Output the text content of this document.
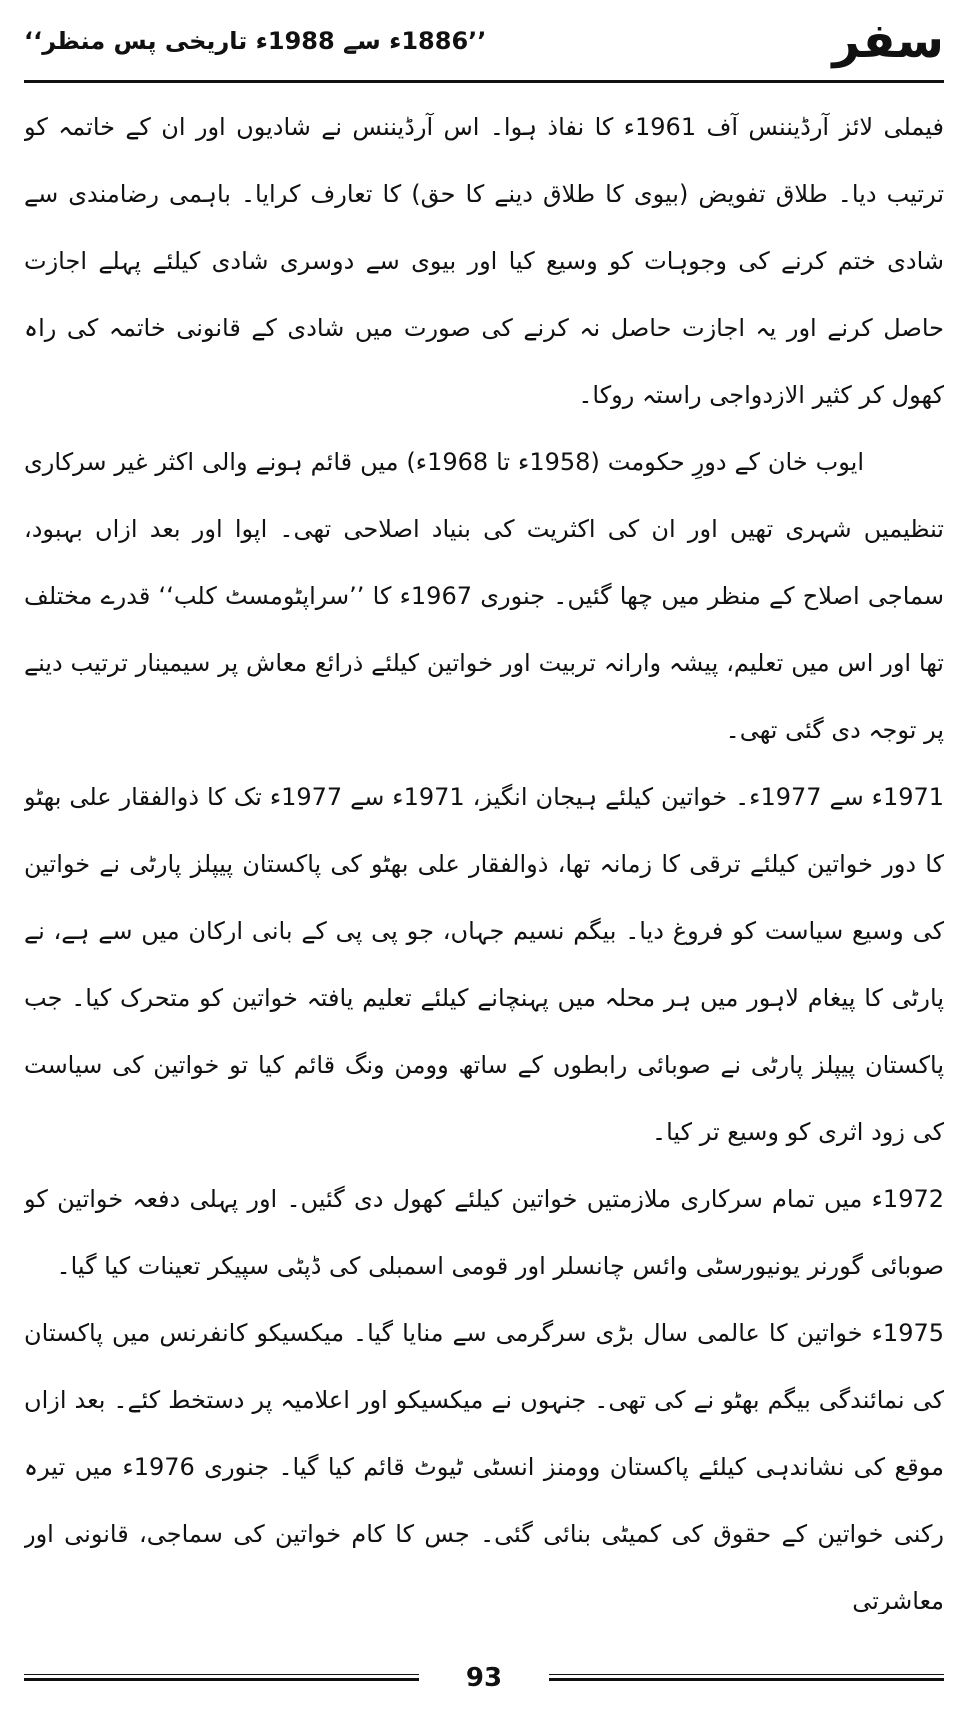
سفر
’’1886ء سے 1988ء تاریخی پس منظر‘‘

فیملی لائز آرڈیننس آف 1961ء کا نفاذ ہوا۔ اس آرڈیننس نے شادیوں اور ان کے خاتمہ کو ترتیب دیا۔ طلاق تفویض (بیوی کا طلاق دینے کا حق) کا تعارف کرایا۔ باہمی رضامندی سے شادی ختم کرنے کی وجوہات کو وسیع کیا اور بیوی سے دوسری شادی کیلئے پہلے اجازت حاصل کرنے اور یہ اجازت حاصل نہ کرنے کی صورت میں شادی کے قانونی خاتمہ کی راہ کھول کر کثیر الازدواجی راستہ روکا۔

ایوب خان کے دورِ حکومت (1958ء تا 1968ء) میں قائم ہونے والی اکثر غیر سرکاری تنظیمیں شہری تھیں اور ان کی اکثریت کی بنیاد اصلاحی تھی۔ اپوا اور بعد ازاں بہبود، سماجی اصلاح کے منظر میں چھا گئیں۔ جنوری 1967ء کا ’’سراپٹومسٹ کلب‘‘ قدرے مختلف تھا اور اس میں تعلیم، پیشہ وارانہ تربیت اور خواتین کیلئے ذرائع معاش پر سیمینار ترتیب دینے پر توجہ دی گئی تھی۔

1971ء سے 1977ء۔ خواتین کیلئے ہیجان انگیز، 1971ء سے 1977ء تک کا ذوالفقار علی بھٹو کا دور خواتین کیلئے ترقی کا زمانہ تھا، ذوالفقار علی بھٹو کی پاکستان پیپلز پارٹی نے خواتین کی وسیع سیاست کو فروغ دیا۔ بیگم نسیم جہاں، جو پی پی کے بانی ارکان میں سے ہے، نے پارٹی کا پیغام لاہور میں ہر محلہ میں پہنچانے کیلئے تعلیم یافتہ خواتین کو متحرک کیا۔ جب پاکستان پیپلز پارٹی نے صوبائی رابطوں کے ساتھ وومن ونگ قائم کیا تو خواتین کی سیاست کی زود اثری کو وسیع تر کیا۔

1972ء میں تمام سرکاری ملازمتیں خواتین کیلئے کھول دی گئیں۔ اور پہلی دفعہ خواتین کو صوبائی گورنر یونیورسٹی وائس چانسلر اور قومی اسمبلی کی ڈپٹی سپیکر تعینات کیا گیا۔

1975ء خواتین کا عالمی سال بڑی سرگرمی سے منایا گیا۔ میکسیکو کانفرنس میں پاکستان کی نمائندگی بیگم بھٹو نے کی تھی۔ جنہوں نے میکسیکو اور اعلامیہ پر دستخط کئے۔ بعد ازاں موقع کی نشاندہی کیلئے پاکستان وومنز انسٹی ٹیوٹ قائم کیا گیا۔ جنوری 1976ء میں تیرہ رکنی خواتین کے حقوق کی کمیٹی بنائی گئی۔ جس کا کام خواتین کی سماجی، قانونی اور معاشرتی

93
